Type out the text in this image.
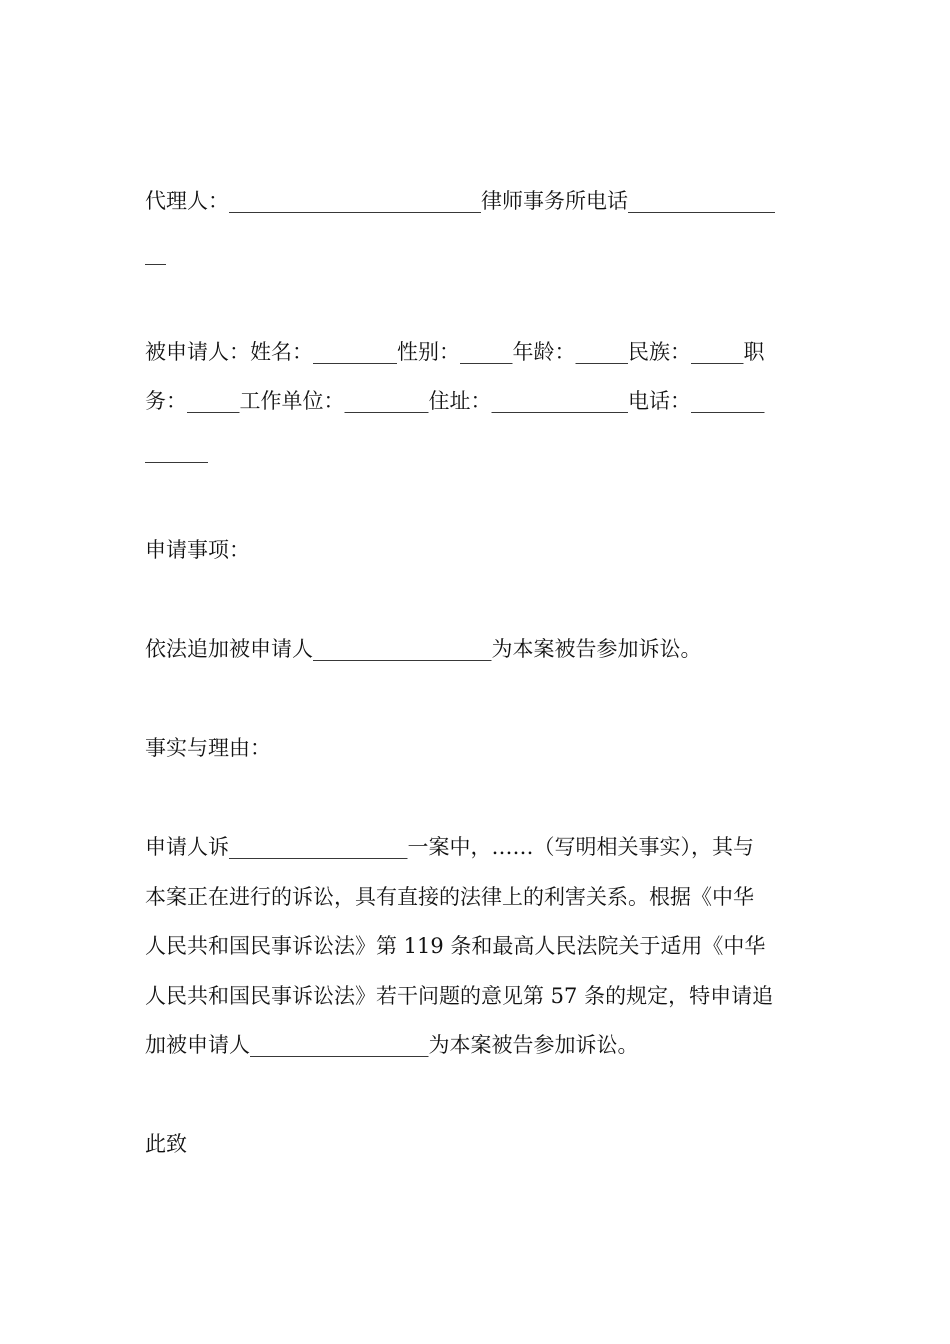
代理人：________________________律师事务所电话______________
__
被申请人：姓名：________性别：_____年龄：_____民族：_____职
务：_____工作单位：________住址：_____________电话：_______
______
申请事项：
依法追加被申请人_________________为本案被告参加诉讼。
事实与理由：
申请人诉_________________一案中，……（写明相关事实），其与
本案正在进行的诉讼，具有直接的法律上的利害关系。根据《中华
人民共和国民事诉讼法》第 119 条和最高人民法院关于适用《中华
人民共和国民事诉讼法》若干问题的意见第 57 条的规定，特申请追
加被申请人_________________为本案被告参加诉讼。
此致
